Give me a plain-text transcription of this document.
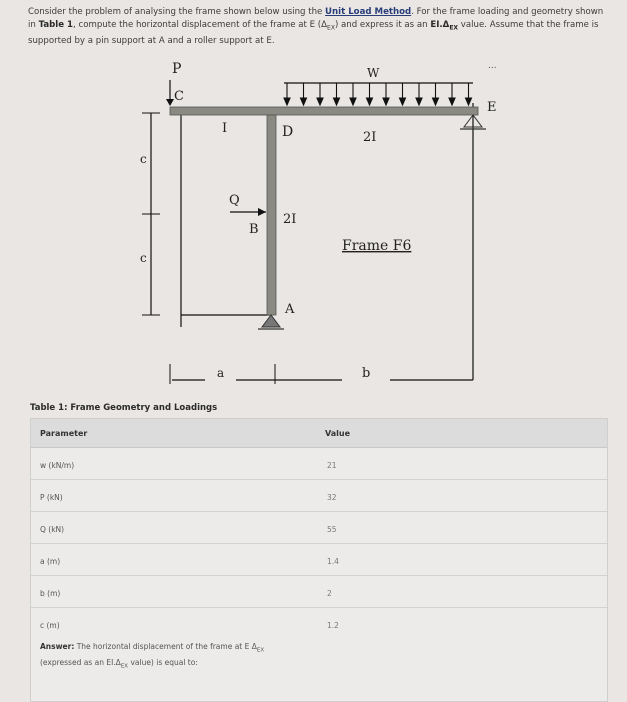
Consider the problem of analysing the frame shown below using the Unit Load Method. For the frame loading and geometry shown in Table 1, compute the horizontal displacement of the frame at E $(\Delta_{EX})$ and express it as an $EI.\Delta_{EX}$ value. Assume that the frame is supported by a pin support at A and a roller support at E.
...
P
C
I	D
W
E
2I
2I
Q
B
Frame F6
A
c
c
a	b
Table 1: Frame Geometry and Loadings
Parameter	Value
w (kN/m)	21
P (kN)	32
Q (kN)	55
a (m)	1.4
b (m)	2
c (m)	1.2
Answer: The horizontal displacement of the frame at E $\Delta_{EX}$ (expressed as an $EI.\Delta_{EX}$ value) is equal to:
